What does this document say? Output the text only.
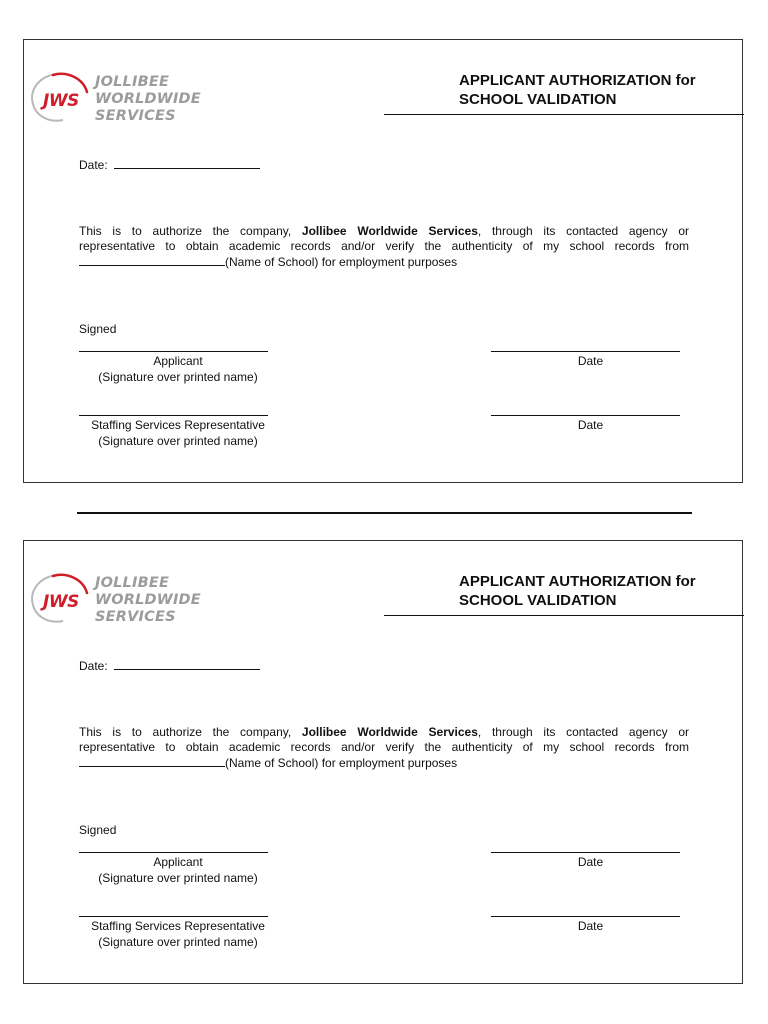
JWS
JOLLIBEE
WORLDWIDE
SERVICES
APPLICANT AUTHORIZATION for
SCHOOL VALIDATION
Date:
This is to authorize the company, Jollibee Worldwide Services, through its contacted agency or
representative to obtain academic records and/or verify the authenticity of my school records from
(Name of School) for employment purposes
Signed
Applicant
(Signature over printed name)
Date
Staffing Services Representative
(Signature over printed name)
Date
JWS
JOLLIBEE
WORLDWIDE
SERVICES
APPLICANT AUTHORIZATION for
SCHOOL VALIDATION
Date:
This is to authorize the company, Jollibee Worldwide Services, through its contacted agency or
representative to obtain academic records and/or verify the authenticity of my school records from
(Name of School) for employment purposes
Signed
Applicant
(Signature over printed name)
Date
Staffing Services Representative
(Signature over printed name)
Date
